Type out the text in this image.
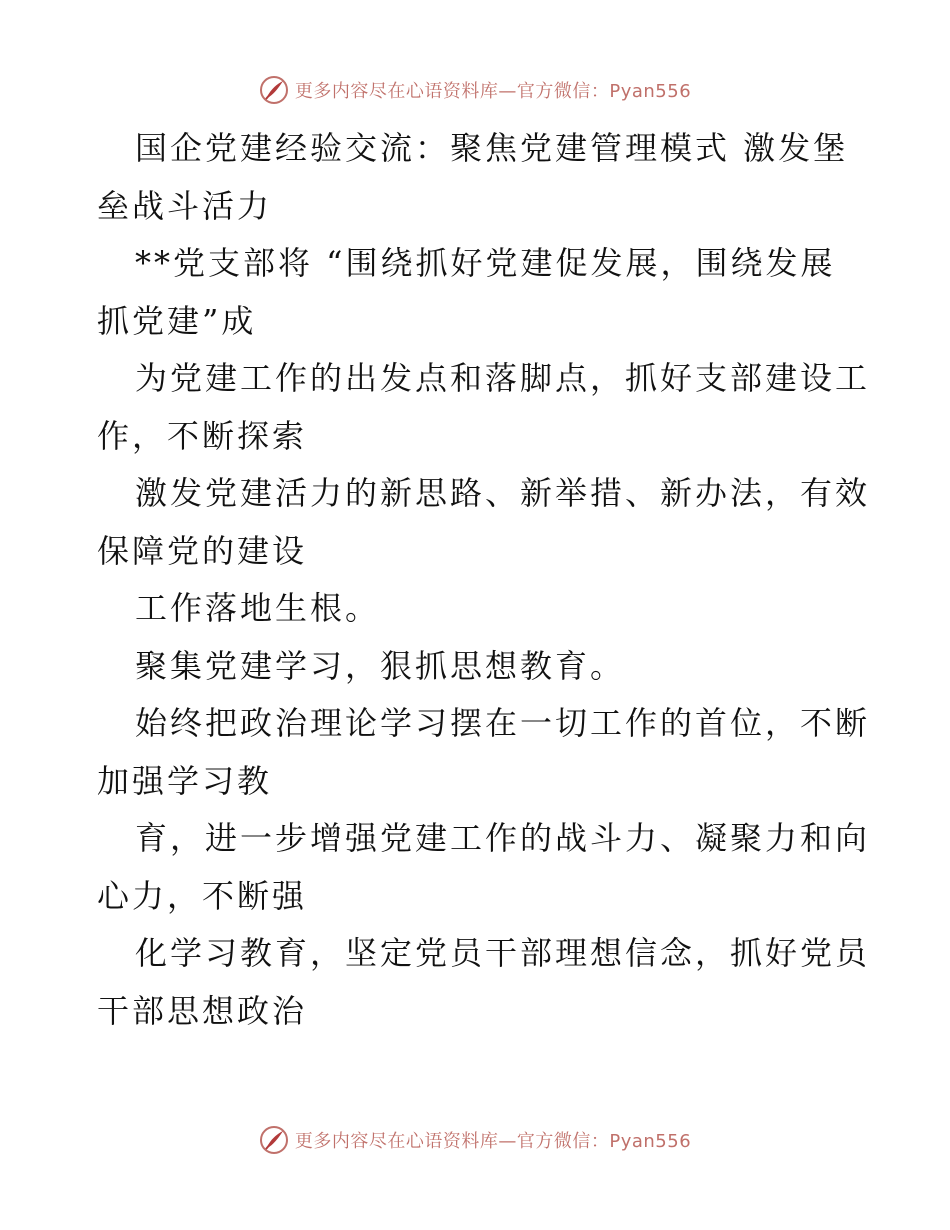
更多内容尽在心语资料库—官方微信：Pyan556
国企党建经验交流：聚焦党建管理模式 激发堡
垒战斗活力
**党支部将 “围绕抓好党建促发展，围绕发展
抓党建”成
为党建工作的出发点和落脚点，抓好支部建设工
作，不断探索
激发党建活力的新思路、新举措、新办法，有效
保障党的建设
工作落地生根。
聚集党建学习，狠抓思想教育。
始终把政治理论学习摆在一切工作的首位，不断
加强学习教
育，进一步增强党建工作的战斗力、凝聚力和向
心力，不断强
化学习教育，坚定党员干部理想信念，抓好党员
干部思想政治
更多内容尽在心语资料库—官方微信：Pyan556
